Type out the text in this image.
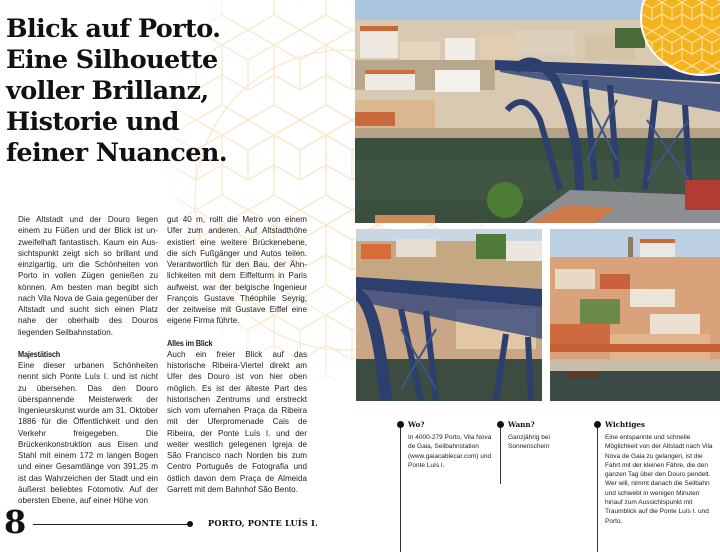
Blick auf Porto.
Eine Silhouette
voller Brillanz,
Historie und
feiner Nuancen.

Die Altstadt und der Douro liegen einem zu Füßen und der Blick ist unzweifelhaft fantastisch. Kaum ein Aussichtspunkt zeigt sich so brillant und einzigartig, um die Schönheiten von Porto in vollen Zügen genießen zu können. Am besten man begibt sich nach Vila Nova de Gaia gegenüber der Altstadt und sucht sich einen Platz nahe der oberhalb des Douros liegenden Seilbahnstation.

Majestätisch

Eine dieser urbanen Schönheiten nennt sich Ponte Luís I. und ist nicht zu übersehen. Das den Douro überspannende Meisterwerk der Ingenieurskunst wurde am 31. Oktober 1886 für die Öffentlichkeit und den Verkehr freigegeben. Die Brückenkonstruktion aus Eisen und Stahl mit einem 172 m langen Bogen und einer Gesamtlänge von 391,25 m ist das Wahrzeichen der Stadt und ein äußerst beliebtes Fotomotiv. Auf der obersten Ebene, auf einer Höhe von

gut 40 m, rollt die Metro von einem Ufer zum anderen. Auf Altstadthöhe existiert eine weitere Brückenebene, die sich Fußgänger und Autos teilen. Verantwortlich für den Bau, der Ähnlichkeiten mit dem Eiffelturm in Paris aufweist, war der belgische Ingenieur François Gustave Théophile Seyrig, der zeitweise mit Gustave Eiffel eine eigene Firma führte.

Alles im Blick

Auch ein freier Blick auf das historische Ribeira-Viertel direkt am Ufer des Douro ist von hier oben möglich. Es ist der älteste Part des historischen Zentrums und erstreckt sich vom ufernahen Praça da Ribeira mit der Uferpromenade Cais de Ribeira, der Ponte Luís I. und der weiter westlich gelegenen Igreja de São Francisco nach Norden bis zum Centro Português de Fotografia und östlich davon dem Praça de Almeida Garrett mit dem Bahnhof São Bento.

8	PORTO, PONTE LUÍS I.
Wo?

In 4000-279 Porto, Vila Nova de Gaia, Seilbahnstation (www.gaiacablecar.com) und Ponte Luís I.

Wann?

Ganzjährig bei Sonnenschein

Wichtiges

Eine entspannte und schnelle Möglichkeit von der Altstadt nach Vila Nova de Gaia zu gelangen, ist die Fahrt mit der kleinen Fähre, die den ganzen Tag über den Douro pendelt. Wer will, nimmt danach die Seilbahn und schwebt in wenigen Minuten hinauf zum Aussichtspunkt mit Traumblick auf die Ponte Luís I. und Porto.
